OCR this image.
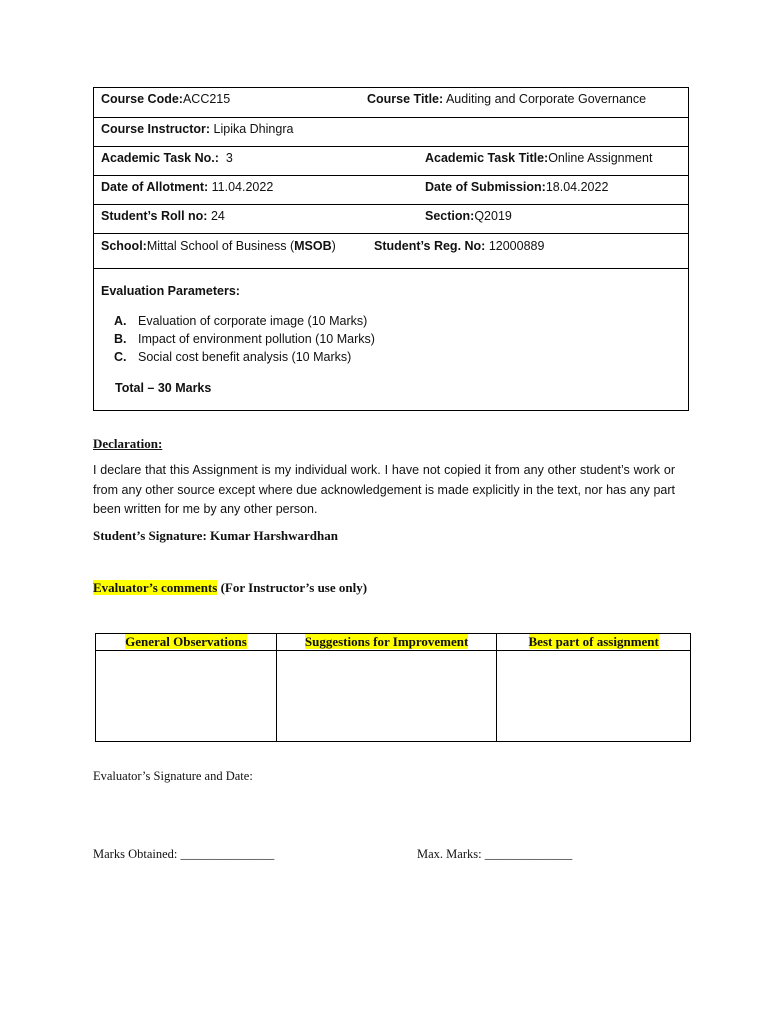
Course Code:ACC215	Course Title: Auditing and Corporate Governance
Course Instructor: Lipika Dhingra
Academic Task No.:  3	Academic Task Title:Online Assignment
Date of Allotment: 11.04.2022	Date of Submission:18.04.2022
Student’s Roll no: 24	Section:Q2019
School:Mittal School of Business (MSOB)	Student’s Reg. No: 12000889
Evaluation Parameters:
A. Evaluation of corporate image (10 Marks)
B. Impact of environment pollution (10 Marks)
C. Social cost benefit analysis (10 Marks)
Total – 30 Marks
Declaration:

I declare that this Assignment is my individual work. I have not copied it from any other student’s work or from any other source except where due acknowledgement is made explicitly in the text, nor has any part been written for me by any other person.

Student’s Signature: Kumar Harshwardhan
Evaluator’s comments (For Instructor’s use only)
General Observations	Suggestions for Improvement	Best part of assignment

Evaluator’s Signature and Date:
Marks Obtained: _______________	Max. Marks: ______________
